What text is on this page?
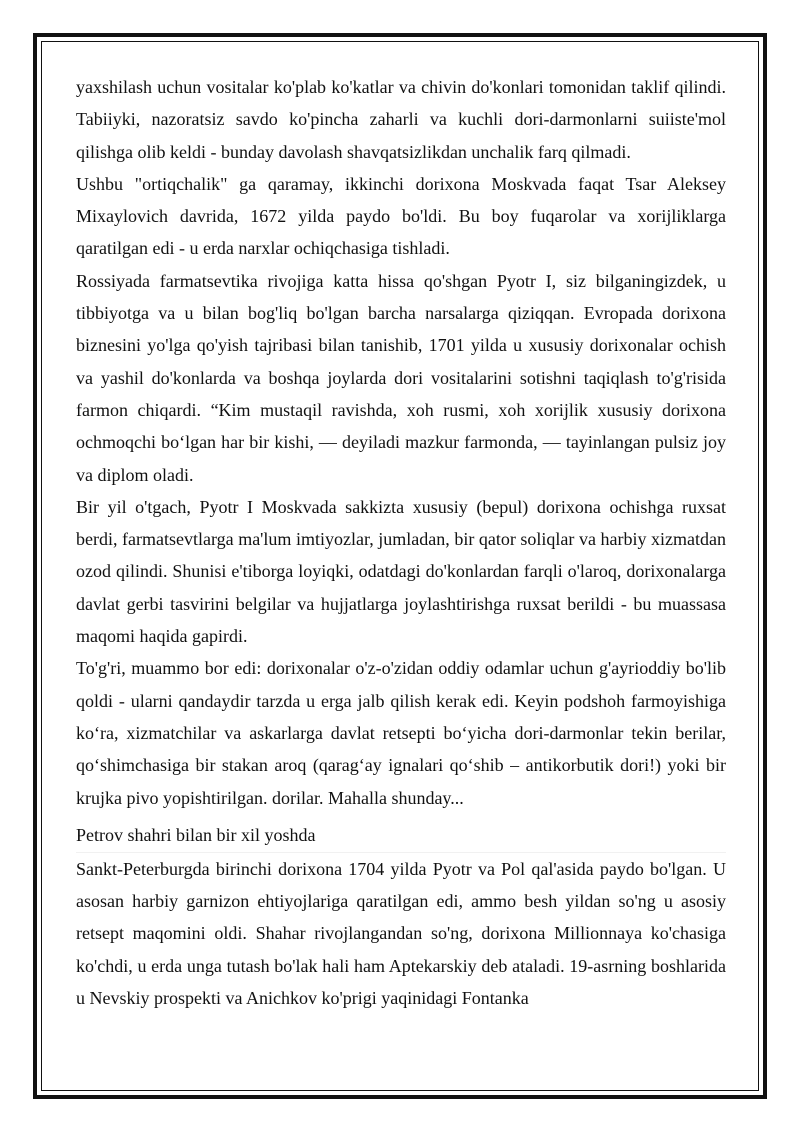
yaxshilash uchun vositalar ko'plab ko'katlar va chivin do'konlari tomonidan taklif qilindi. Tabiiyki, nazoratsiz savdo ko'pincha zaharli va kuchli dori-darmonlarni suiiste'mol qilishga olib keldi - bunday davolash shavqatsizlikdan unchalik farq qilmadi.

Ushbu "ortiqchalik" ga qaramay, ikkinchi dorixona Moskvada faqat Tsar Aleksey Mixaylovich davrida, 1672 yilda paydo bo'ldi. Bu boy fuqarolar va xorijliklarga qaratilgan edi - u erda narxlar ochiqchasiga tishladi.

Rossiyada farmatsevtika rivojiga katta hissa qo'shgan Pyotr I, siz bilganingizdek, u tibbiyotga va u bilan bog'liq bo'lgan barcha narsalarga qiziqqan. Evropada dorixona biznesini yo'lga qo'yish tajribasi bilan tanishib, 1701 yilda u xususiy dorixonalar ochish va yashil do'konlarda va boshqa joylarda dori vositalarini sotishni taqiqlash to'g'risida farmon chiqardi. “Kim mustaqil ravishda, xoh rusmi, xoh xorijlik xususiy dorixona ochmoqchi bo‘lgan har bir kishi, — deyiladi mazkur farmonda, — tayinlangan pulsiz joy va diplom oladi.

Bir yil o'tgach, Pyotr I Moskvada sakkizta xususiy (bepul) dorixona ochishga ruxsat berdi, farmatsevtlarga ma'lum imtiyozlar, jumladan, bir qator soliqlar va harbiy xizmatdan ozod qilindi. Shunisi e'tiborga loyiqki, odatdagi do'konlardan farqli o'laroq, dorixonalarga davlat gerbi tasvirini belgilar va hujjatlarga joylashtirishga ruxsat berildi - bu muassasa maqomi haqida gapirdi.

To'g'ri, muammo bor edi: dorixonalar o'z-o'zidan oddiy odamlar uchun g'ayrioddiy bo'lib qoldi - ularni qandaydir tarzda u erga jalb qilish kerak edi. Keyin podshoh farmoyishiga ko‘ra, xizmatchilar va askarlarga davlat retsepti bo‘yicha dori-darmonlar tekin berilar, qo‘shimchasiga bir stakan aroq (qarag‘ay ignalari qo‘shib – antikorbutik dori!) yoki bir krujka pivo yopishtirilgan. dorilar. Mahalla shunday...

Petrov shahri bilan bir xil yoshda

Sankt-Peterburgda birinchi dorixona 1704 yilda Pyotr va Pol qal'asida paydo bo'lgan. U asosan harbiy garnizon ehtiyojlariga qaratilgan edi, ammo besh yildan so'ng u asosiy retsept maqomini oldi. Shahar rivojlangandan so'ng, dorixona Millionnaya ko'chasiga ko'chdi, u erda unga tutash bo'lak hali ham Aptekarskiy deb ataladi. 19-asrning boshlarida u Nevskiy prospekti va Anichkov ko'prigi yaqinidagi Fontanka
